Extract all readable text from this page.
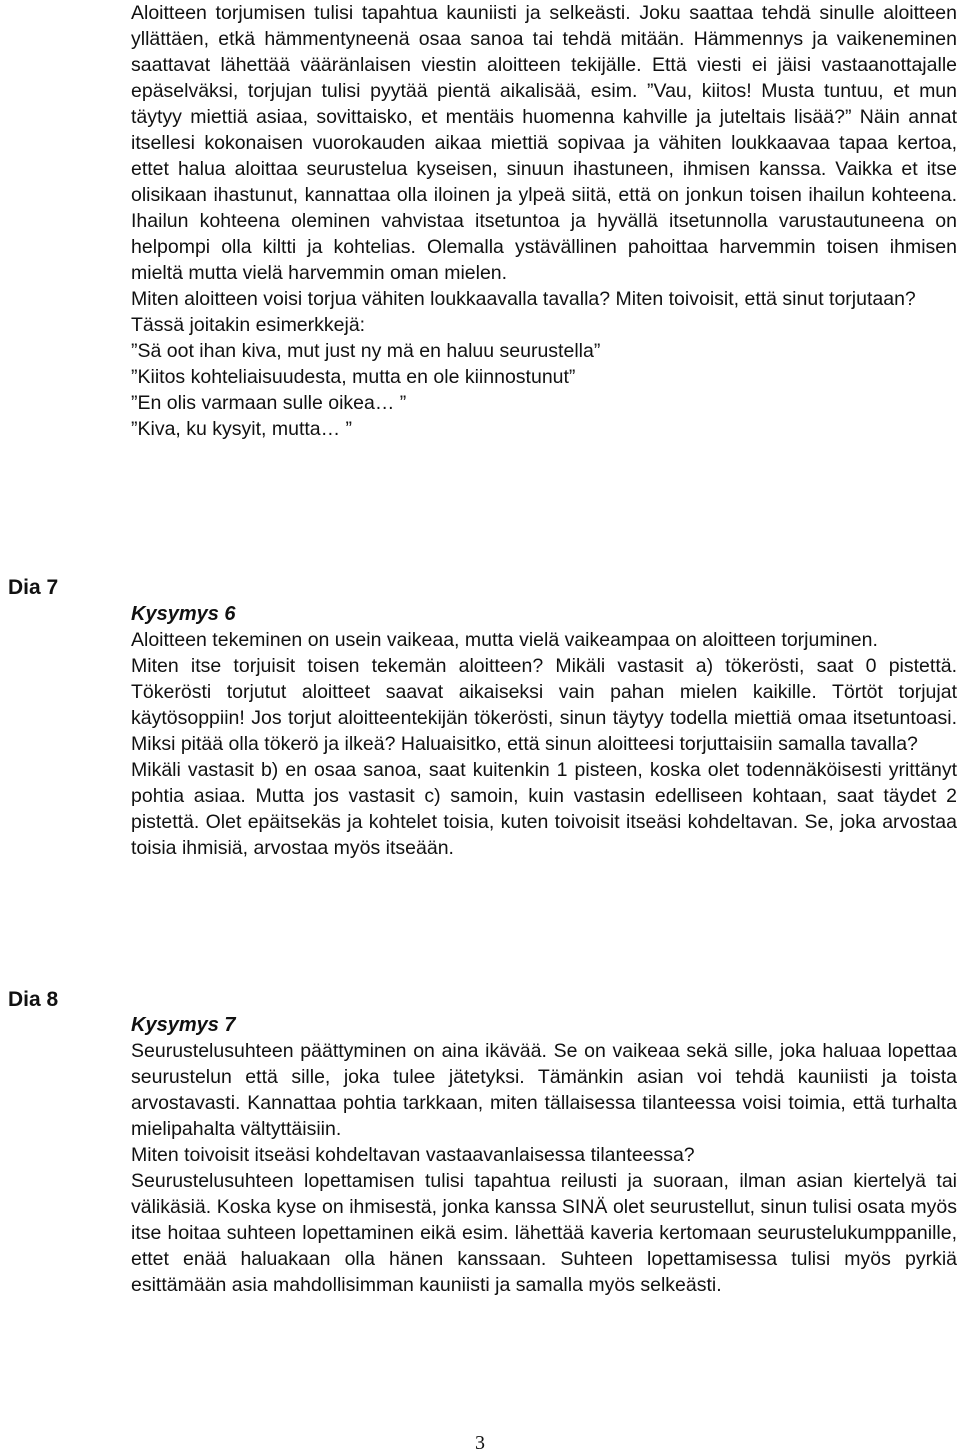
Dia 7
Dia 8

Aloitteen torjumisen tulisi tapahtua kauniisti ja selkeästi. Joku saattaa tehdä sinulle aloitteen yllättäen, etkä hämmentyneenä osaa sanoa tai tehdä mitään. Hämmennys ja vaikeneminen saattavat lähettää vääränlaisen viestin aloitteen tekijälle. Että viesti ei jäisi vastaanottajalle epäselväksi, torjujan tulisi pyytää pientä aikalisää, esim. ”Vau, kiitos! Musta tuntuu, et mun täytyy miettiä asiaa, sovittaisko, et mentäis huomenna kahville ja juteltais lisää?” Näin annat itsellesi kokonaisen vuorokauden aikaa miettiä sopivaa ja vähiten loukkaavaa tapaa kertoa, ettet halua aloittaa seurustelua kyseisen, sinuun ihastuneen, ihmisen kanssa. Vaikka et itse olisikaan ihastunut, kannattaa olla iloinen ja ylpeä siitä, että on jonkun toisen ihailun kohteena. Ihailun kohteena oleminen vahvistaa itsetuntoa ja hyvällä itsetunnolla varustautuneena on helpompi olla kiltti ja kohtelias. Olemalla ystävällinen pahoittaa harvemmin toisen ihmisen mieltä mutta vielä harvemmin oman mielen.

Miten aloitteen voisi torjua vähiten loukkaavalla tavalla? Miten toivoisit, että sinut torjutaan?

Tässä joitakin esimerkkejä:

”Sä oot ihan kiva, mut just ny mä en haluu seurustella”

”Kiitos kohteliaisuudesta, mutta en ole kiinnostunut”

”En olis varmaan sulle oikea… ”

”Kiva, ku kysyit, mutta… ”

Kysymys 6

Aloitteen tekeminen on usein vaikeaa, mutta vielä vaikeampaa on aloitteen torjuminen.

Miten itse torjuisit toisen tekemän aloitteen? Mikäli vastasit a) tökerösti, saat 0 pistettä. Tökerösti torjutut aloitteet saavat aikaiseksi vain pahan mielen kaikille. Törtöt torjujat käytösoppiin! Jos torjut aloitteentekijän tökerösti, sinun täytyy todella miettiä omaa itsetuntoasi. Miksi pitää olla tökerö ja ilkeä? Haluaisitko, että sinun aloitteesi torjuttaisiin samalla tavalla?

Mikäli vastasit b) en osaa sanoa, saat kuitenkin 1 pisteen, koska olet todennäköisesti yrittänyt pohtia asiaa. Mutta jos vastasit c) samoin, kuin vastasin edelliseen kohtaan, saat täydet 2 pistettä. Olet epäitsekäs ja kohtelet toisia, kuten toivoisit itseäsi kohdeltavan. Se, joka arvostaa toisia ihmisiä, arvostaa myös itseään.

Kysymys 7

Seurustelusuhteen päättyminen on aina ikävää. Se on vaikeaa sekä sille, joka haluaa lopettaa seurustelun että sille, joka tulee jätetyksi. Tämänkin asian voi tehdä kauniisti ja toista arvostavasti. Kannattaa pohtia tarkkaan, miten tällaisessa tilanteessa voisi toimia, että turhalta mielipahalta vältyttäisiin.

Miten toivoisit itseäsi kohdeltavan vastaavanlaisessa tilanteessa?

Seurustelusuhteen lopettamisen tulisi tapahtua reilusti ja suoraan, ilman asian kiertelyä tai välikäsiä. Koska kyse on ihmisestä, jonka kanssa SINÄ olet seurustellut, sinun tulisi osata myös itse hoitaa suhteen lopettaminen eikä esim. lähettää kaveria kertomaan seurustelukumppanille, ettet enää haluakaan olla hänen kanssaan. Suhteen lopettamisessa tulisi myös pyrkiä esittämään asia mahdollisimman kauniisti ja samalla myös selkeästi.

3
